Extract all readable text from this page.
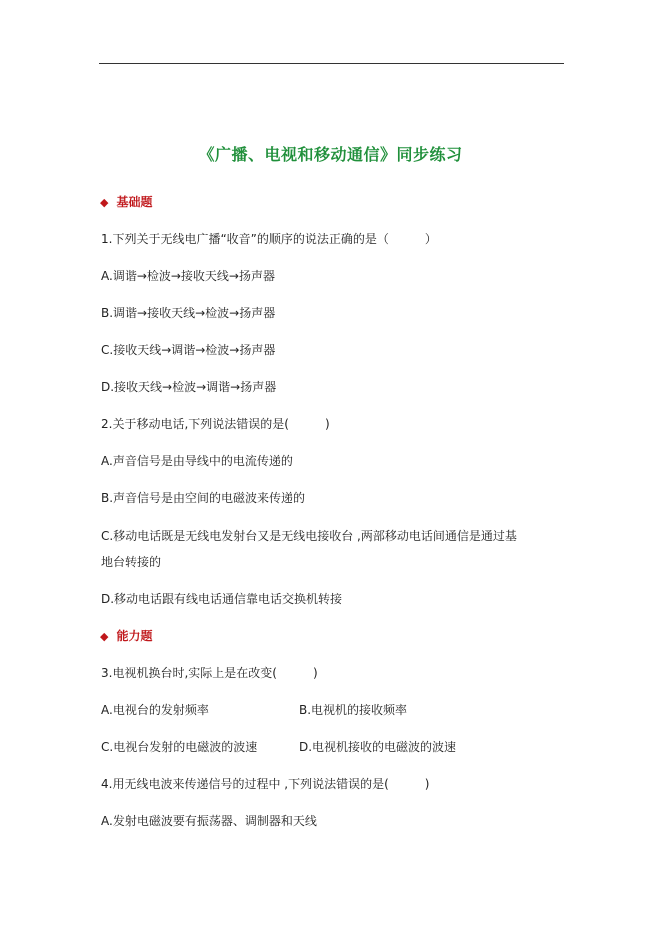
《广播、电视和移动通信》同步练习
◆ 基础题
1.下列关于无线电广播“收音”的顺序的说法正确的是（　　　）
A.调谐→检波→接收天线→扬声器
B.调谐→接收天线→检波→扬声器
C.接收天线→调谐→检波→扬声器
D.接收天线→检波→调谐→扬声器
2.关于移动电话,下列说法错误的是(　　　)
A.声音信号是由导线中的电流传递的
B.声音信号是由空间的电磁波来传递的
C.移动电话既是无线电发射台又是无线电接收台 ,两部移动电话间通信是通过基
地台转接的
D.移动电话跟有线电话通信靠电话交换机转接
◆ 能力题
3.电视机换台时,实际上是在改变(　　　)
A.电视台的发射频率	B.电视机的接收频率
C.电视台发射的电磁波的波速	D.电视机接收的电磁波的波速
4.用无线电波来传递信号的过程中 ,下列说法错误的是(　　　)
A.发射电磁波要有振荡器、调制器和天线
